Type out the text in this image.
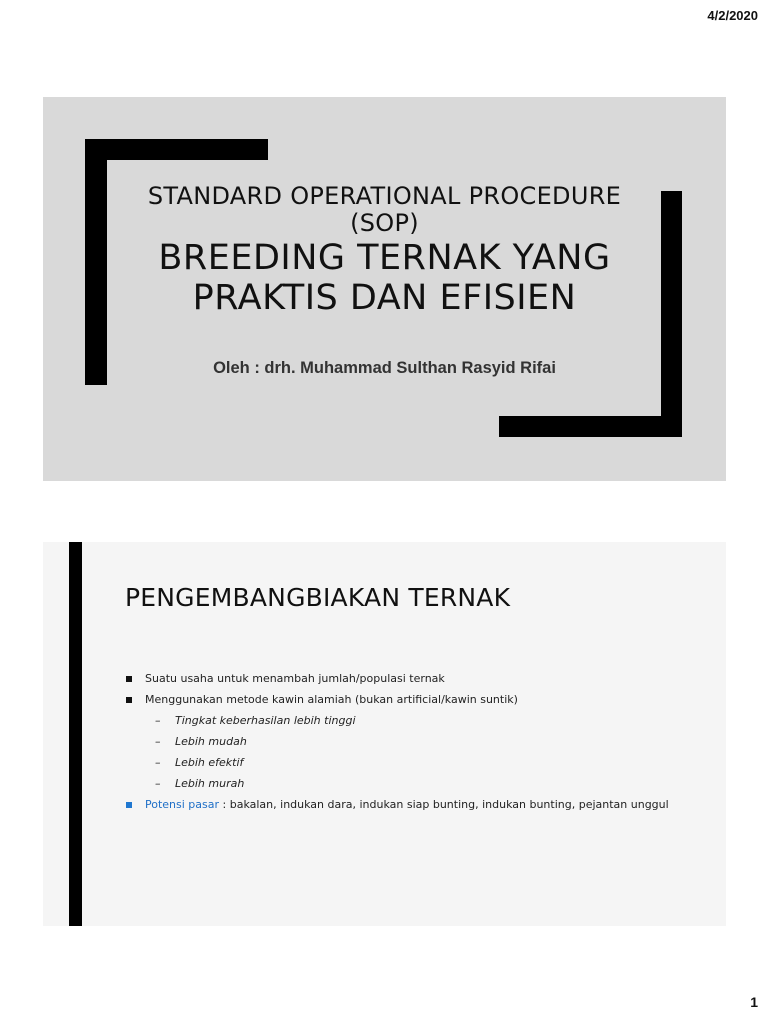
4/2/2020
STANDARD OPERATIONAL PROCEDURE
(SOP)
BREEDING TERNAK YANG
PRAKTIS DAN EFISIEN
Oleh : drh. Muhammad Sulthan Rasyid Rifai
PENGEMBANGBIAKAN TERNAK
Suatu usaha untuk menambah jumlah/populasi ternak
Menggunakan metode kawin alamiah (bukan artificial/kawin suntik)
– Tingkat keberhasilan lebih tinggi
– Lebih mudah
– Lebih efektif
– Lebih murah
Potensi pasar : bakalan, indukan dara, indukan siap bunting, indukan bunting, pejantan unggul
1
